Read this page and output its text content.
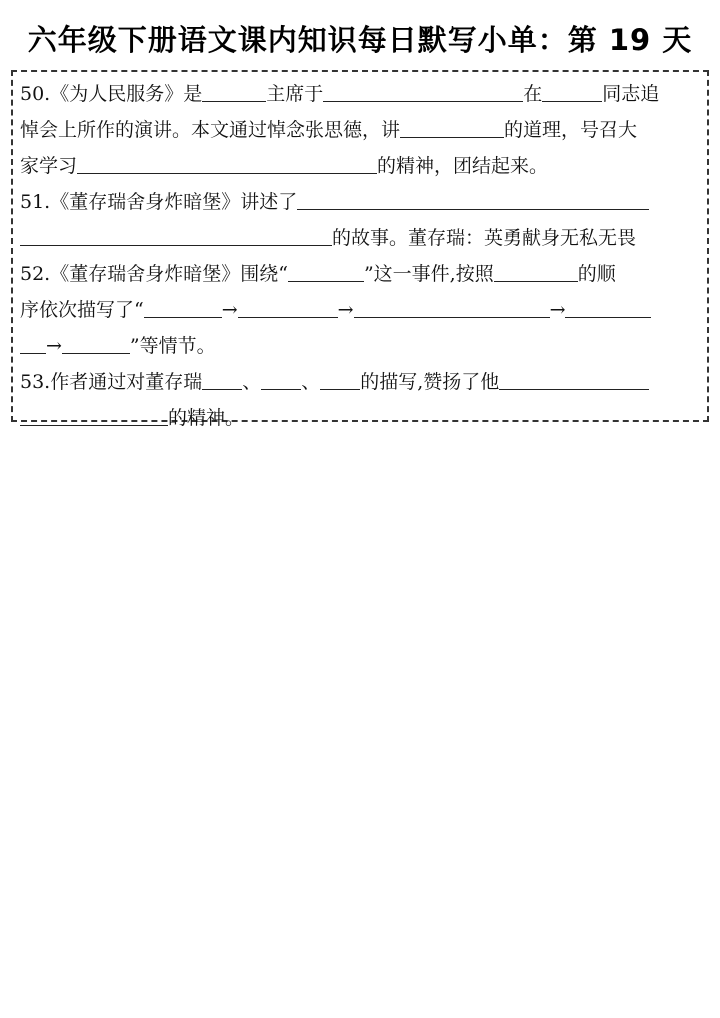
六年级下册语文课内知识每日默写小单：第 19 天
50.《为人民服务》是	主席于	在	同志追
悼会上所作的演讲。本文通过悼念张思德，讲	的道理，号召大
家学习	的精神，团结起来。
51.《董存瑞舍身炸暗堡》讲述了
的故事。董存瑞：英勇献身无私无畏
52.《董存瑞舍身炸暗堡》围绕“	”这一事件,按照	的顺
序依次描写了“	→	→	→
→	”等情节。
53.作者通过对董存瑞 、 、 的描写,赞扬了他
的精神。
